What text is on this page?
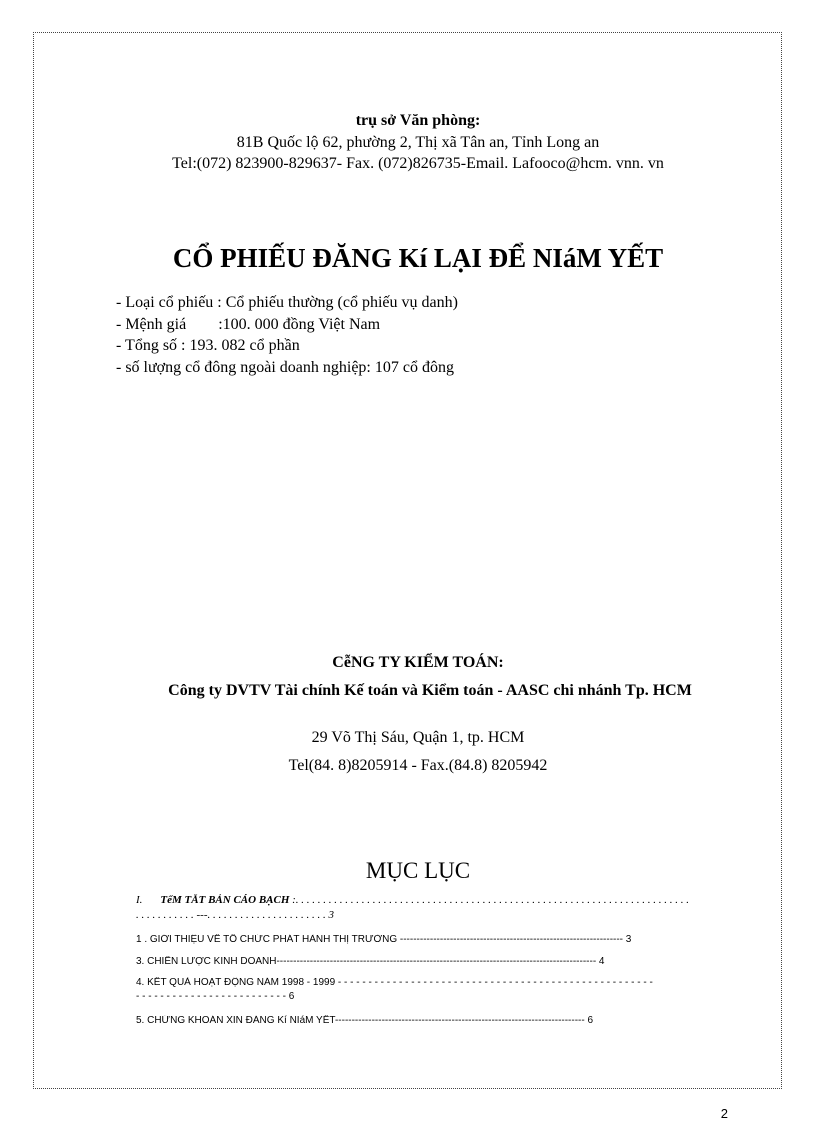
trụ sở Văn phòng:
81B Quốc lộ 62, phường 2, Thị xã Tân an, Tỉnh Long an
Tel:(072) 823900-829637- Fax. (072)826735-Email. Lafooco@hcm. vnn. vn
CỔ PHIẾU ĐĂNG Kí LẠI ĐỂ NIáM YẾT
- Loại cổ phiếu : Cổ phiếu thường (cổ phiếu vụ danh)
- Mệnh giá        :100. 000 đồng Việt Nam
- Tổng số : 193. 082 cổ phần
- số lượng cổ đông ngoài doanh nghiệp: 107 cổ đông
CễNG TY KIỂM TOÁN:
Công ty DVTV Tài chính Kế toán và Kiểm toán - AASC chi nhánh Tp. HCM
29 Võ Thị Sáu, Quận 1, tp. HCM
Tel(84. 8)8205914 - Fax.(84.8) 8205942
MỤC LỤC
I. TểM TẮT BẢN CÁO BẠCH :. . . . . . . . . . . . . . . . . . . . . . . . . . . . . . . . . . . . . . . . . . . . . . . . . . . . . . . . . . . . . . . . . . . . . . . .
. . . . . . . . . . . ---. . . . . . . . . . . . . . . . . . . . . . 3
1 . GIỚI THIỆU VỀ TỔ CHỨC PHÁT HÀNH THỊ TRƯỜNG ------------------------------------------------------------------- 3
3. CHIẾN LƯỢC KINH DOANH------------------------------------------------------------------------------------------------ 4
4. KẾT QUẢ HOẠT ĐỘNG NĂM 1998 - 1999 - - - - - - - - - - - - - - - - - - - - - - - - - - - - - - - - - - - - - - - - - - - - - - - - - - - -
- - - - - - - - - - - - - - - - - - - - - - - - - 6
5. CHỨNG KHOÁN XIN ĐĂNG Kí NIáM YẾT--------------------------------------------------------------------------- 6
2
